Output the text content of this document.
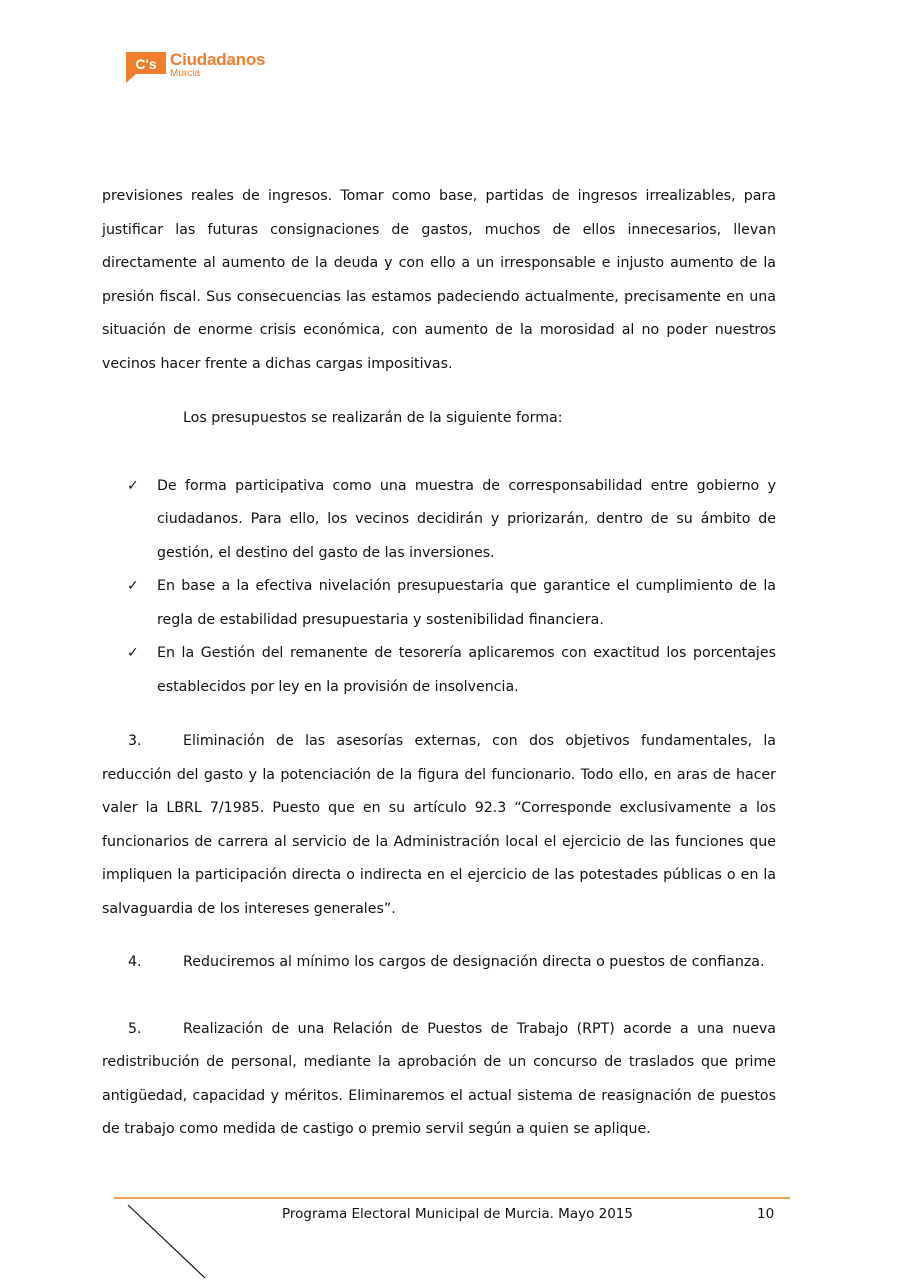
C's Ciudadanos
Murcia

previsiones reales de ingresos. Tomar como base, partidas de ingresos irrealizables, para justificar las futuras consignaciones de gastos, muchos de ellos innecesarios, llevan directamente al aumento de la deuda y con ello a un irresponsable e injusto aumento de la presión fiscal. Sus consecuencias las estamos padeciendo actualmente, precisamente en una situación de enorme crisis económica, con aumento de la morosidad al no poder nuestros vecinos hacer frente a dichas cargas impositivas.

Los presupuestos se realizarán de la siguiente forma:

✓ De forma participativa como una muestra de corresponsabilidad entre gobierno y ciudadanos. Para ello, los vecinos decidirán y priorizarán, dentro de su ámbito de gestión, el destino del gasto de las inversiones.
✓ En base a la efectiva nivelación presupuestaria que garantice el cumplimiento de la regla de estabilidad presupuestaria y sostenibilidad financiera.
✓ En la Gestión del remanente de tesorería aplicaremos con exactitud los porcentajes establecidos por ley en la provisión de insolvencia.

3.	Eliminación de las asesorías externas, con dos objetivos fundamentales, la reducción del gasto y la potenciación de la figura del funcionario. Todo ello, en aras de hacer valer la LBRL 7/1985. Puesto que en su artículo 92.3 “Corresponde exclusivamente a los funcionarios de carrera al servicio de la Administración local el ejercicio de las funciones que impliquen la participación directa o indirecta en el ejercicio de las potestades públicas o en la salvaguardia de los intereses generales”.

4.	Reduciremos al mínimo los cargos de designación directa o puestos de confianza.

5.	Realización de una Relación de Puestos de Trabajo (RPT) acorde a una nueva redistribución de personal, mediante la aprobación de un concurso de traslados que prime antigüedad, capacidad y méritos. Eliminaremos el actual sistema de reasignación de puestos de trabajo como medida de castigo o premio servil según a quien se aplique.

Programa Electoral Municipal de Murcia. Mayo 2015	10
